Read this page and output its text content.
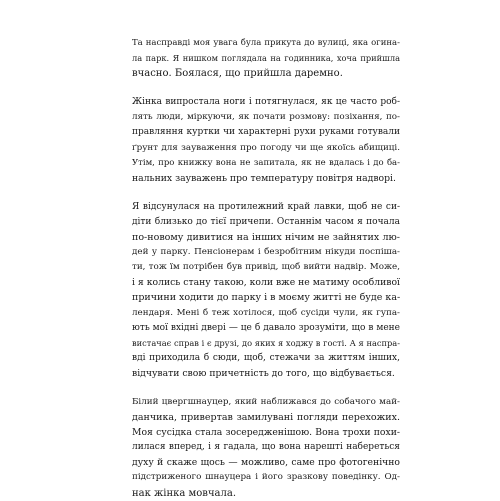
Та насправді моя увага була прикута до вулиці, яка огина-
ла парк. Я нишком поглядала на годинника, хоча прийшла
вчасно. Боялася, що прийшла даремно.

Жінка випростала ноги і потягнулася, як це часто роб-
лять люди, міркуючи, як почати розмову: позіхання, по-
правляння куртки чи характерні рухи руками готували
ґрунт для зауваження про погоду чи ще якоїсь абищиці.
Утім, про книжку вона не запитала, як не вдалась і до ба-
нальних зауважень про температуру повітря надворі.

Я відсунулася на протилежний край лавки, щоб не си-
діти близько до тієї причепи. Останнім часом я почала
по-новому дивитися на інших нічим не зайнятих лю-
дей у парку. Пенсіонерам і безробітним нікуди поспіша-
ти, тож їм потрібен був привід, щоб вийти надвір. Може,
і я колись стану такою, коли вже не матиму особливої
причини ходити до парку і в моєму житті не буде ка-
лендаря. Мені б теж хотілося, щоб сусіди чули, як гупа-
ють мої вхідні двері — це б давало зрозуміти, що в мене
вистачає справ і є друзі, до яких я ходжу в гості. А я наспра-
вді приходила б сюди, щоб, стежачи за життям інших,
відчувати свою причетність до того, що відбувається.

Білий цвергшнауцер, який наближався до собачого май-
данчика, привертав замилувані погляди перехожих.
Моя сусідка стала зосередженішою. Вона трохи похи-
лилася вперед, і я гадала, що вона нарешті набереться
духу й скаже щось — можливо, саме про фотогенічно
підстриженого шнауцера і його зразкову поведінку. Од-
нак жінка мовчала.
